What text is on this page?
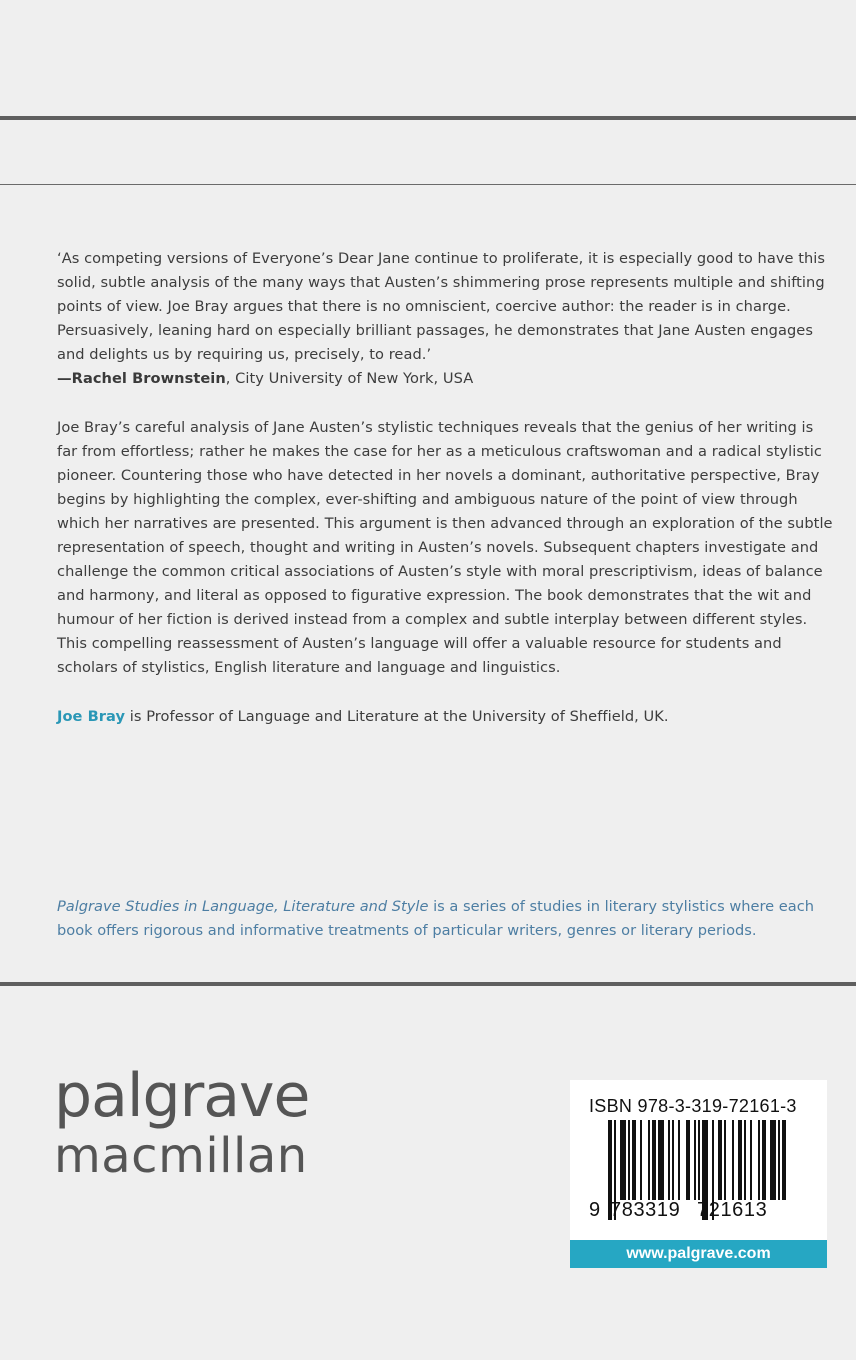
‘As competing versions of Everyone’s Dear Jane continue to proliferate, it is especially good to have this solid, subtle analysis of the many ways that Austen’s shimmering prose represents multiple and shifting points of view. Joe Bray argues that there is no omniscient, coercive author: the reader is in charge. Persuasively, leaning hard on especially brilliant passages, he demonstrates that Jane Austen engages and delights us by requiring us, precisely, to read.’

—Rachel Brownstein, City University of New York, USA

Joe Bray’s careful analysis of Jane Austen’s stylistic techniques reveals that the genius of her writing is far from effortless; rather he makes the case for her as a meticulous craftswoman and a radical stylistic pioneer. Countering those who have detected in her novels a dominant, authoritative perspective, Bray begins by highlighting the complex, ever-shifting and ambiguous nature of the point of view through which her narratives are presented. This argument is then advanced through an exploration of the subtle representation of speech, thought and writing in Austen’s novels. Subsequent chapters investigate and challenge the common critical associations of Austen’s style with moral prescriptivism, ideas of balance and harmony, and literal as opposed to figurative expression. The book demonstrates that the wit and humour of her fiction is derived instead from a complex and subtle interplay between different styles. This compelling reassessment of Austen’s language will offer a valuable resource for students and scholars of stylistics, English literature and language and linguistics.

Joe Bray is Professor of Language and Literature at the University of Sheffield, UK.

Palgrave Studies in Language, Literature and Style is a series of studies in literary stylistics where each book offers rigorous and informative treatments of particular writers, genres or literary periods.
palgrave
macmillan
ISBN 978-3-319-72161-3
9 783319 721613
www.palgrave.com
